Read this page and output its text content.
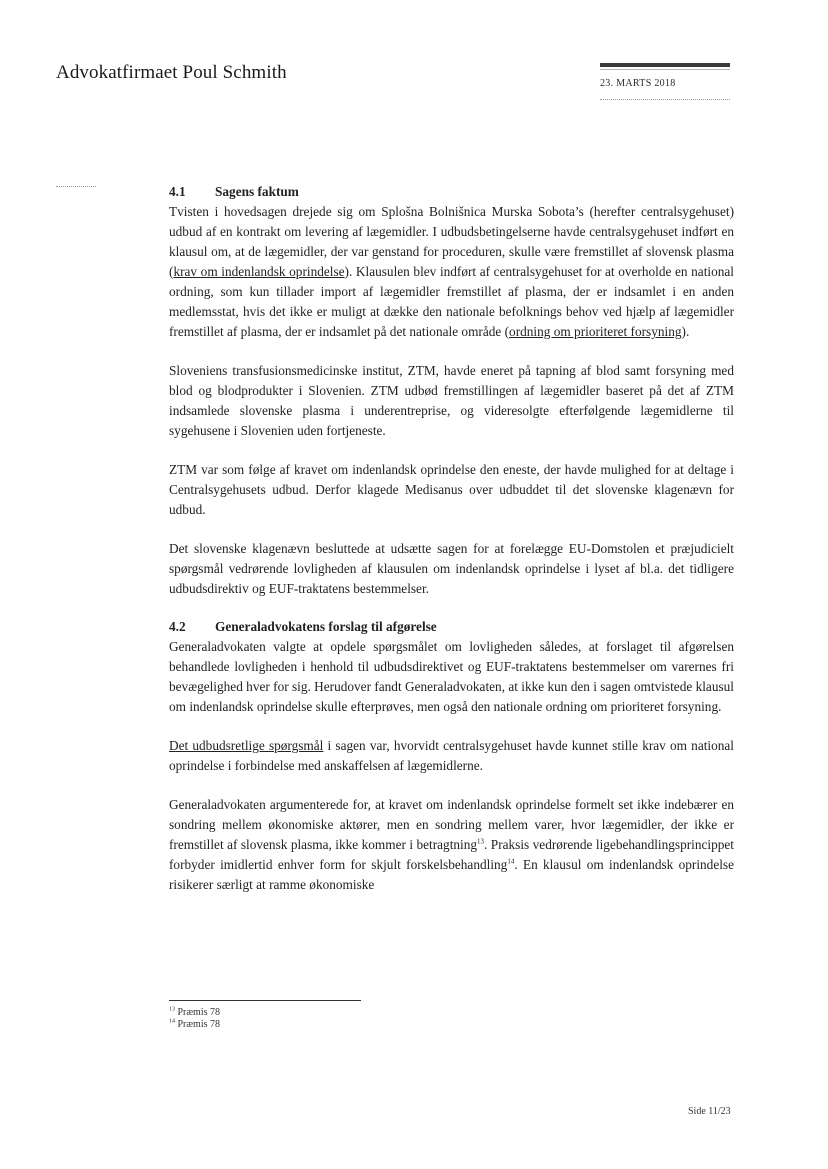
Advokatfirmaet Poul Schmith
23. MARTS 2018
4.1 Sagens faktum

Tvisten i hovedsagen drejede sig om Splošna Bolnišnica Murska Sobota’s (herefter centralsygehuset) udbud af en kontrakt om levering af lægemidler. I udbudsbetingelserne havde centralsygehuset indført en klausul om, at de lægemidler, der var genstand for proceduren, skulle være fremstillet af slovensk plasma (krav om indenlandsk oprindelse). Klausulen blev indført af centralsygehuset for at overholde en national ordning, som kun tillader import af lægemidler fremstillet af plasma, der er indsamlet i en anden medlemsstat, hvis det ikke er muligt at dække den nationale befolknings behov ved hjælp af lægemidler fremstillet af plasma, der er indsamlet på det nationale område (ordning om prioriteret forsyning).

Sloveniens transfusionsmedicinske institut, ZTM, havde eneret på tapning af blod samt forsyning med blod og blodprodukter i Slovenien. ZTM udbød fremstillingen af lægemidler baseret på det af ZTM indsamlede slovenske plasma i underentreprise, og videresolgte efterfølgende lægemidlerne til sygehusene i Slovenien uden fortjeneste.

ZTM var som følge af kravet om indenlandsk oprindelse den eneste, der havde mulighed for at deltage i Centralsygehusets udbud. Derfor klagede Medisanus over udbuddet til det slovenske klagenævn for udbud.

Det slovenske klagenævn besluttede at udsætte sagen for at forelægge EU-Domstolen et præjudicielt spørgsmål vedrørende lovligheden af klausulen om indenlandsk oprindelse i lyset af bl.a. det tidligere udbudsdirektiv og EUF-traktatens bestemmelser.

4.2 Generaladvokatens forslag til afgørelse

Generaladvokaten valgte at opdele spørgsmålet om lovligheden således, at forslaget til afgørelsen behandlede lovligheden i henhold til udbudsdirektivet og EUF-traktatens bestemmelser om varernes fri bevægelighed hver for sig. Herudover fandt Generaladvokaten, at ikke kun den i sagen omtvistede klausul om indenlandsk oprindelse skulle efterprøves, men også den nationale ordning om prioriteret forsyning.

Det udbudsretlige spørgsmål i sagen var, hvorvidt centralsygehuset havde kunnet stille krav om national oprindelse i forbindelse med anskaffelsen af lægemidlerne.

Generaladvokaten argumenterede for, at kravet om indenlandsk oprindelse formelt set ikke indebærer en sondring mellem økonomiske aktører, men en sondring mellem varer, hvor lægemidler, der ikke er fremstillet af slovensk plasma, ikke kommer i betragtning$^{13}$. Praksis vedrørende ligebehandlingsprincippet forbyder imidlertid enhver form for skjult forskelsbehandling$^{14}$. En klausul om indenlandsk oprindelse risikerer særligt at ramme økonomiske

$^{13}$ Præmis 78
$^{14}$ Præmis 78
Side 11/23
